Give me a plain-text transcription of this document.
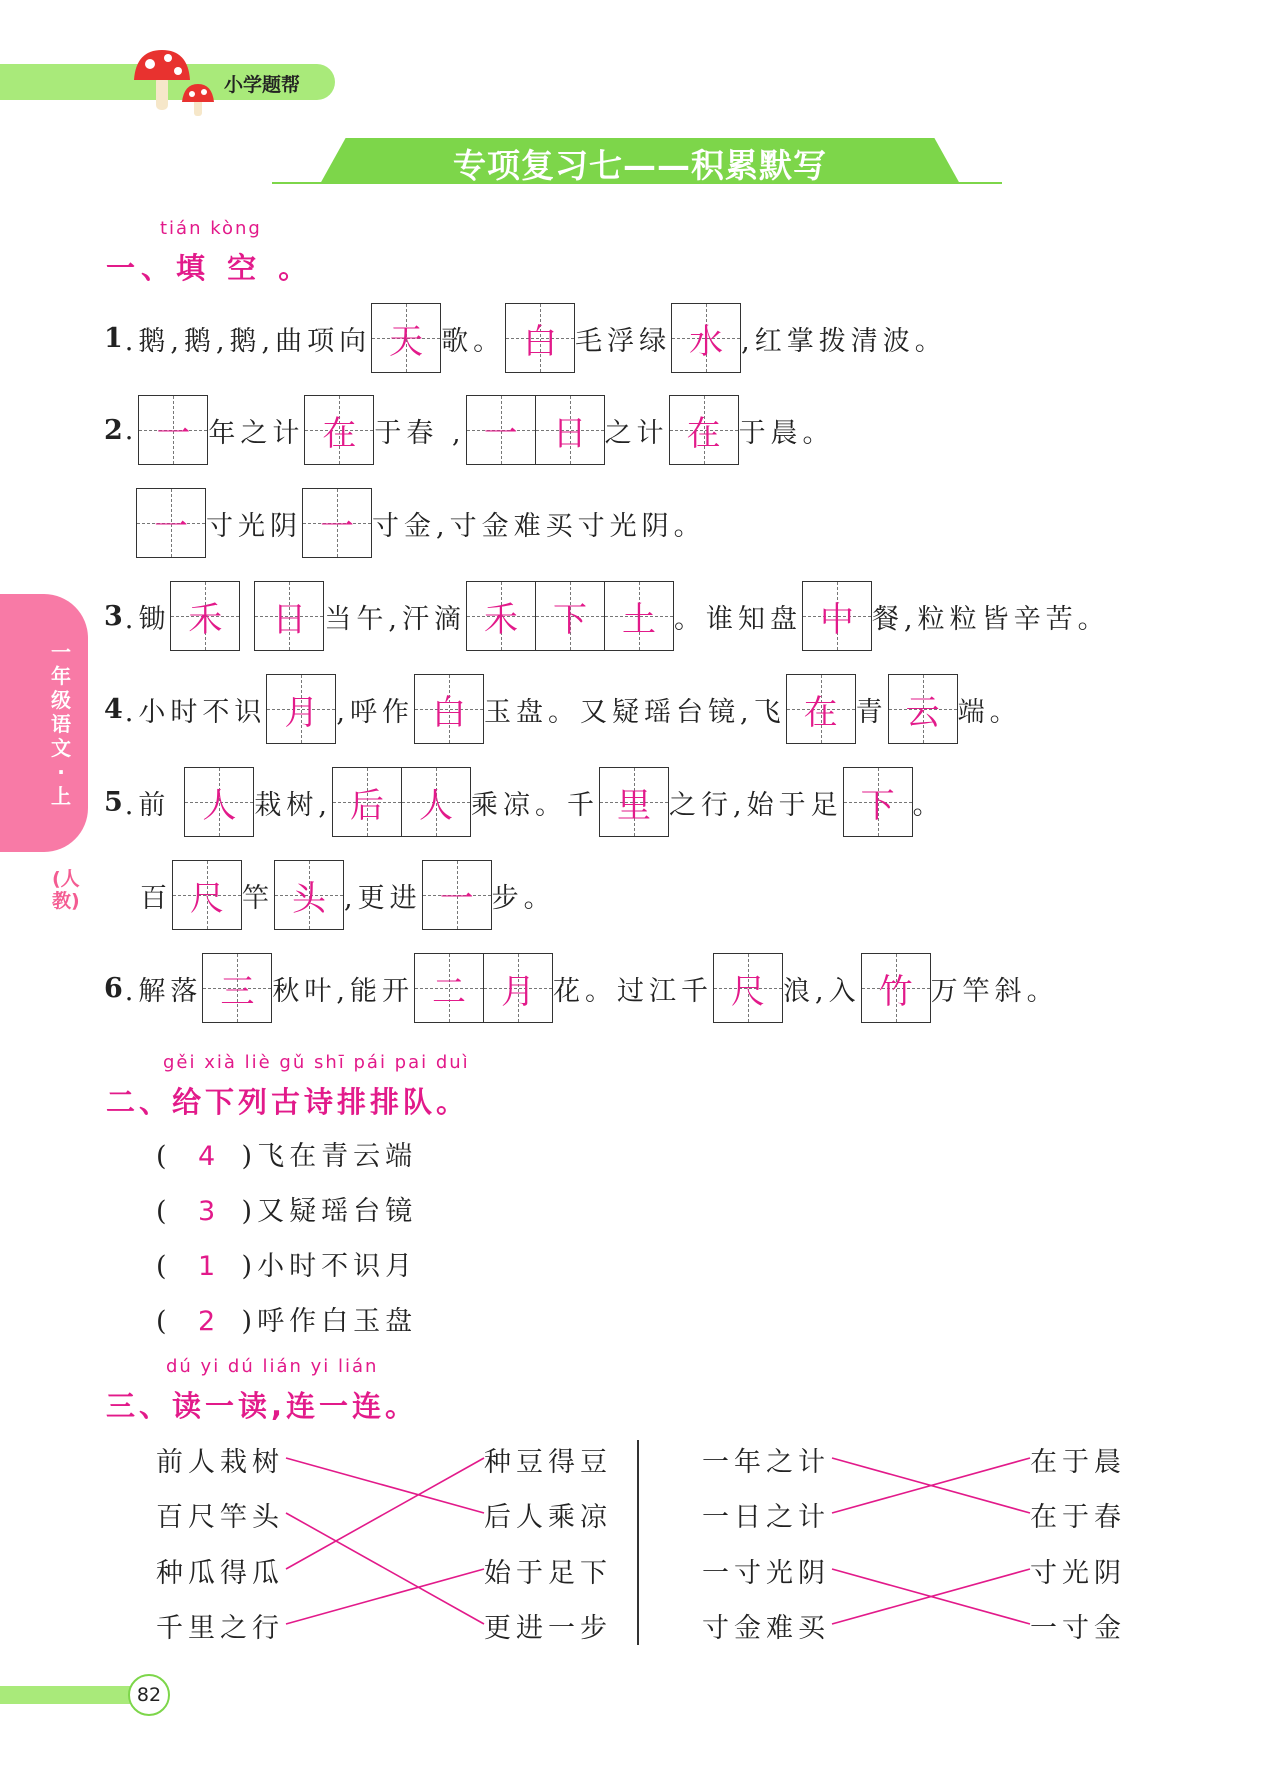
小学题帮
专项复习七——积累默写
一年级语文·上
(人教)
tián kòng
一、填 空 。
1 .鹅,鹅,鹅,曲项向 天 歌。 白 毛浮绿 水 ,红掌拨清波。
2 . 一 年之计 在 于春 , 一	日 之计 在 于晨。
一 寸光阴 一 寸金,寸金难买寸光阴。
3 .锄 禾	日 当午,汗滴 禾	下	土 。谁知盘 中 餐,粒粒皆辛苦。
4 .小时不识 月 ,呼作 白 玉盘。又疑瑶台镜,飞 在 青 云 端。
5 .前 人 栽树, 后	人 乘凉。千 里 之行,始于足 下 。
百 尺 竿 头 ,更进 一 步。
6 .解落 三 秋叶,能开 二	月 花。过江千 尺 浪,入 竹 万竿斜。
gěi xià liè gǔ shī pái pai duì
二、给下列古诗排排队。
( 4 )飞在青云端
( 3 )又疑瑶台镜
( 1 )小时不识月
( 2 )呼作白玉盘
dú yi dú lián yi lián
三、读一读,连一连。
前人栽树
百尺竿头
种瓜得瓜
千里之行
种豆得豆
后人乘凉
始于足下
更进一步
一年之计
一日之计
一寸光阴
寸金难买
在于晨
在于春
寸光阴
一寸金
82
